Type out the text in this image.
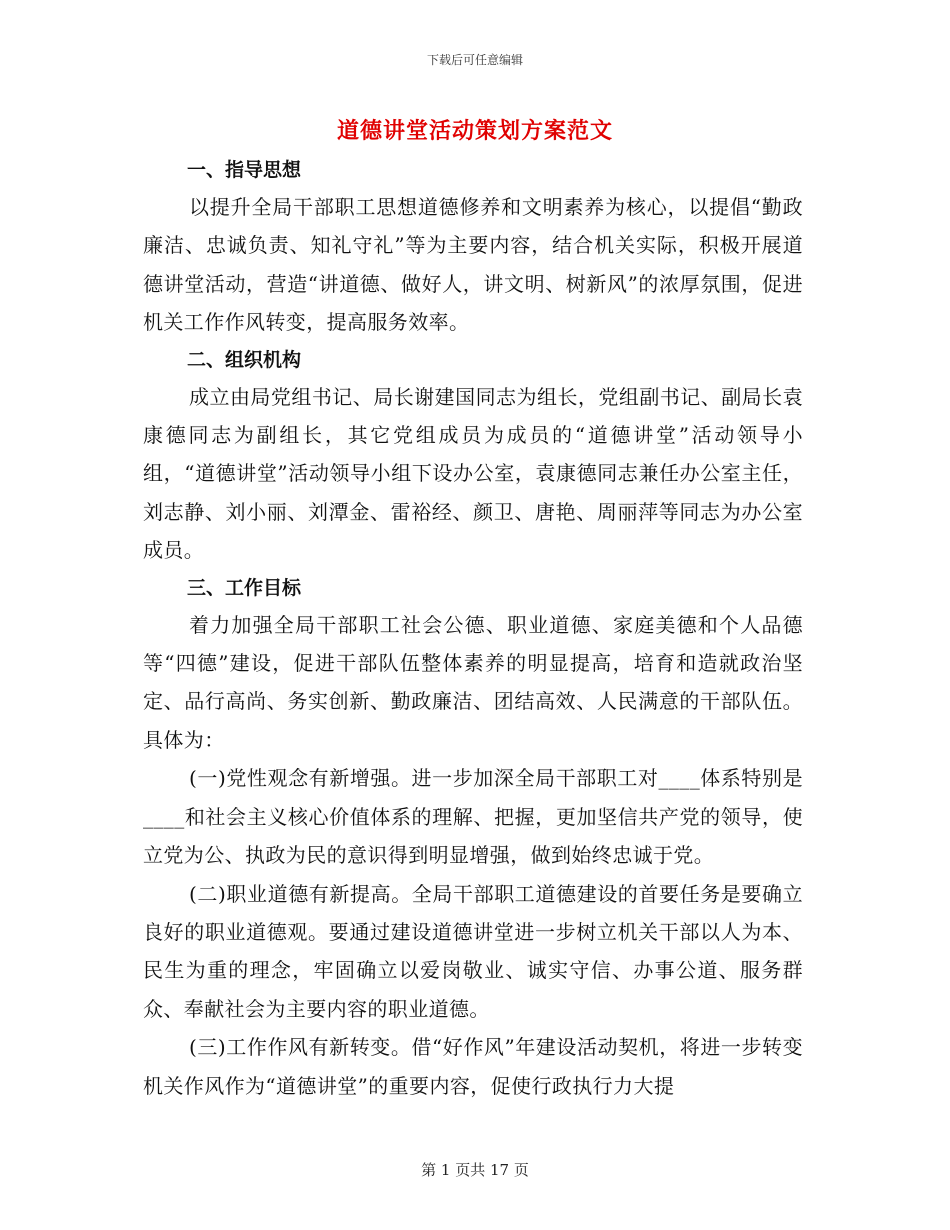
下载后可任意编辑
道德讲堂活动策划方案范文

一、指导思想

以提升全局干部职工思想道德修养和文明素养为核心，以提倡“勤政廉洁、忠诚负责、知礼守礼”等为主要内容，结合机关实际，积极开展道德讲堂活动，营造“讲道德、做好人，讲文明、树新风”的浓厚氛围，促进机关工作作风转变，提高服务效率。

二、组织机构

成立由局党组书记、局长谢建国同志为组长，党组副书记、副局长袁康德同志为副组长，其它党组成员为成员的“道德讲堂”活动领导小组，“道德讲堂”活动领导小组下设办公室，袁康德同志兼任办公室主任，刘志静、刘小丽、刘潭金、雷裕经、颜卫、唐艳、周丽萍等同志为办公室成员。

三、工作目标

着力加强全局干部职工社会公德、职业道德、家庭美德和个人品德等“四德”建设，促进干部队伍整体素养的明显提高，培育和造就政治坚定、品行高尚、务实创新、勤政廉洁、团结高效、人民满意的干部队伍。具体为：

(一)党性观念有新增强。进一步加深全局干部职工对____体系特别是____和社会主义核心价值体系的理解、把握，更加坚信共产党的领导，使立党为公、执政为民的意识得到明显增强，做到始终忠诚于党。

(二)职业道德有新提高。全局干部职工道德建设的首要任务是要确立良好的职业道德观。要通过建设道德讲堂进一步树立机关干部以人为本、民生为重的理念，牢固确立以爱岗敬业、诚实守信、办事公道、服务群众、奉献社会为主要内容的职业道德。

(三)工作作风有新转变。借“好作风”年建设活动契机，将进一步转变机关作风作为“道德讲堂”的重要内容，促使行政执行力大提

第 1 页共 17 页
